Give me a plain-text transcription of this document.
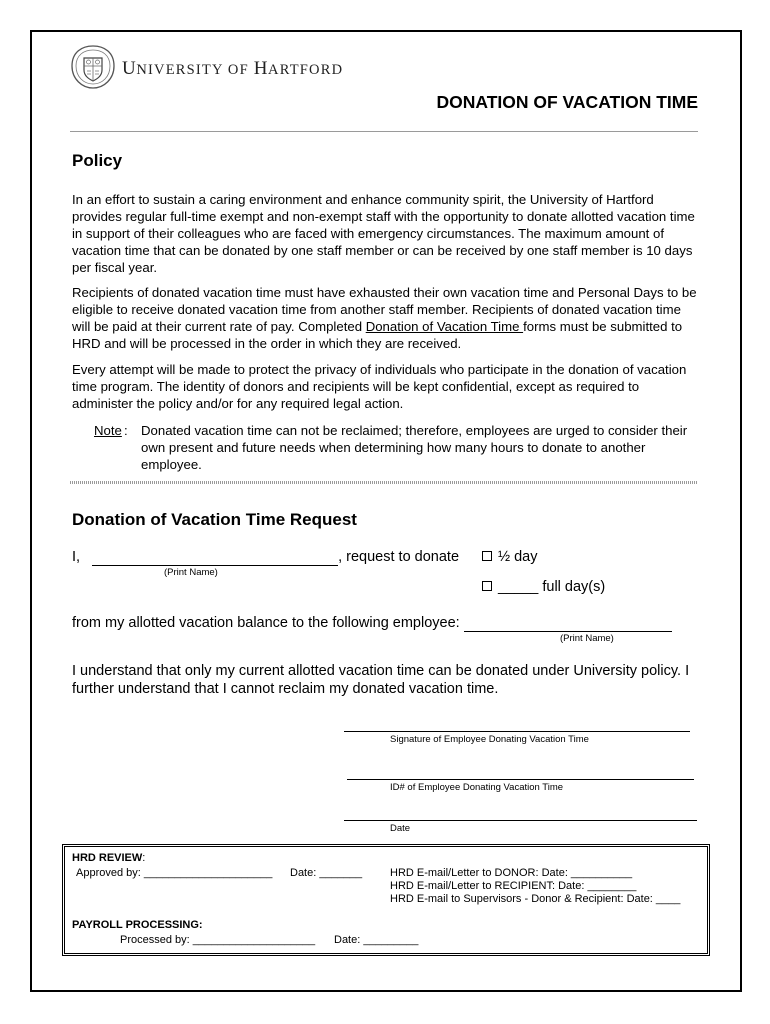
UNIVERSITY OF HARTFORD
DONATION OF VACATION TIME
Policy
In an effort to sustain a caring environment and enhance community spirit, the University of Hartford provides regular full-time exempt and non-exempt staff with the opportunity to donate allotted vacation time in support of their colleagues who are faced with emergency circumstances. The maximum amount of vacation time that can be donated by one staff member or can be received by one staff member is 10 days per fiscal year.
Recipients of donated vacation time must have exhausted their own vacation time and Personal Days to be eligible to receive donated vacation time from another staff member. Recipients of donated vacation time will be paid at their current rate of pay. Completed Donation of Vacation Time forms must be submitted to HRD and will be processed in the order in which they are received.
Every attempt will be made to protect the privacy of individuals who participate in the donation of vacation time program. The identity of donors and recipients will be kept confidential, except as required to administer the policy and/or for any required legal action.
Note : Donated vacation time can not be reclaimed; therefore, employees are urged to consider their own present and future needs when determining how many hours to donate to another employee.
Donation of Vacation Time Request
I,	, request to donate
(Print Name)
½ day
_____ full day(s)
from my allotted vacation balance to the following employee:
(Print Name)
I understand that only my current allotted vacation time can be donated under University policy. I further understand that I cannot reclaim my donated vacation time.
Signature of Employee Donating Vacation Time
ID# of Employee Donating Vacation Time
Date
HRD REVIEW:
Approved by: _____________________ Date: _______	HRD E-mail/Letter to DONOR: Date: __________
HRD E-mail/Letter to RECIPIENT: Date: ________
HRD E-mail to Supervisors - Donor & Recipient: Date: ____
PAYROLL PROCESSING:
Processed by: ____________________ Date: _________
